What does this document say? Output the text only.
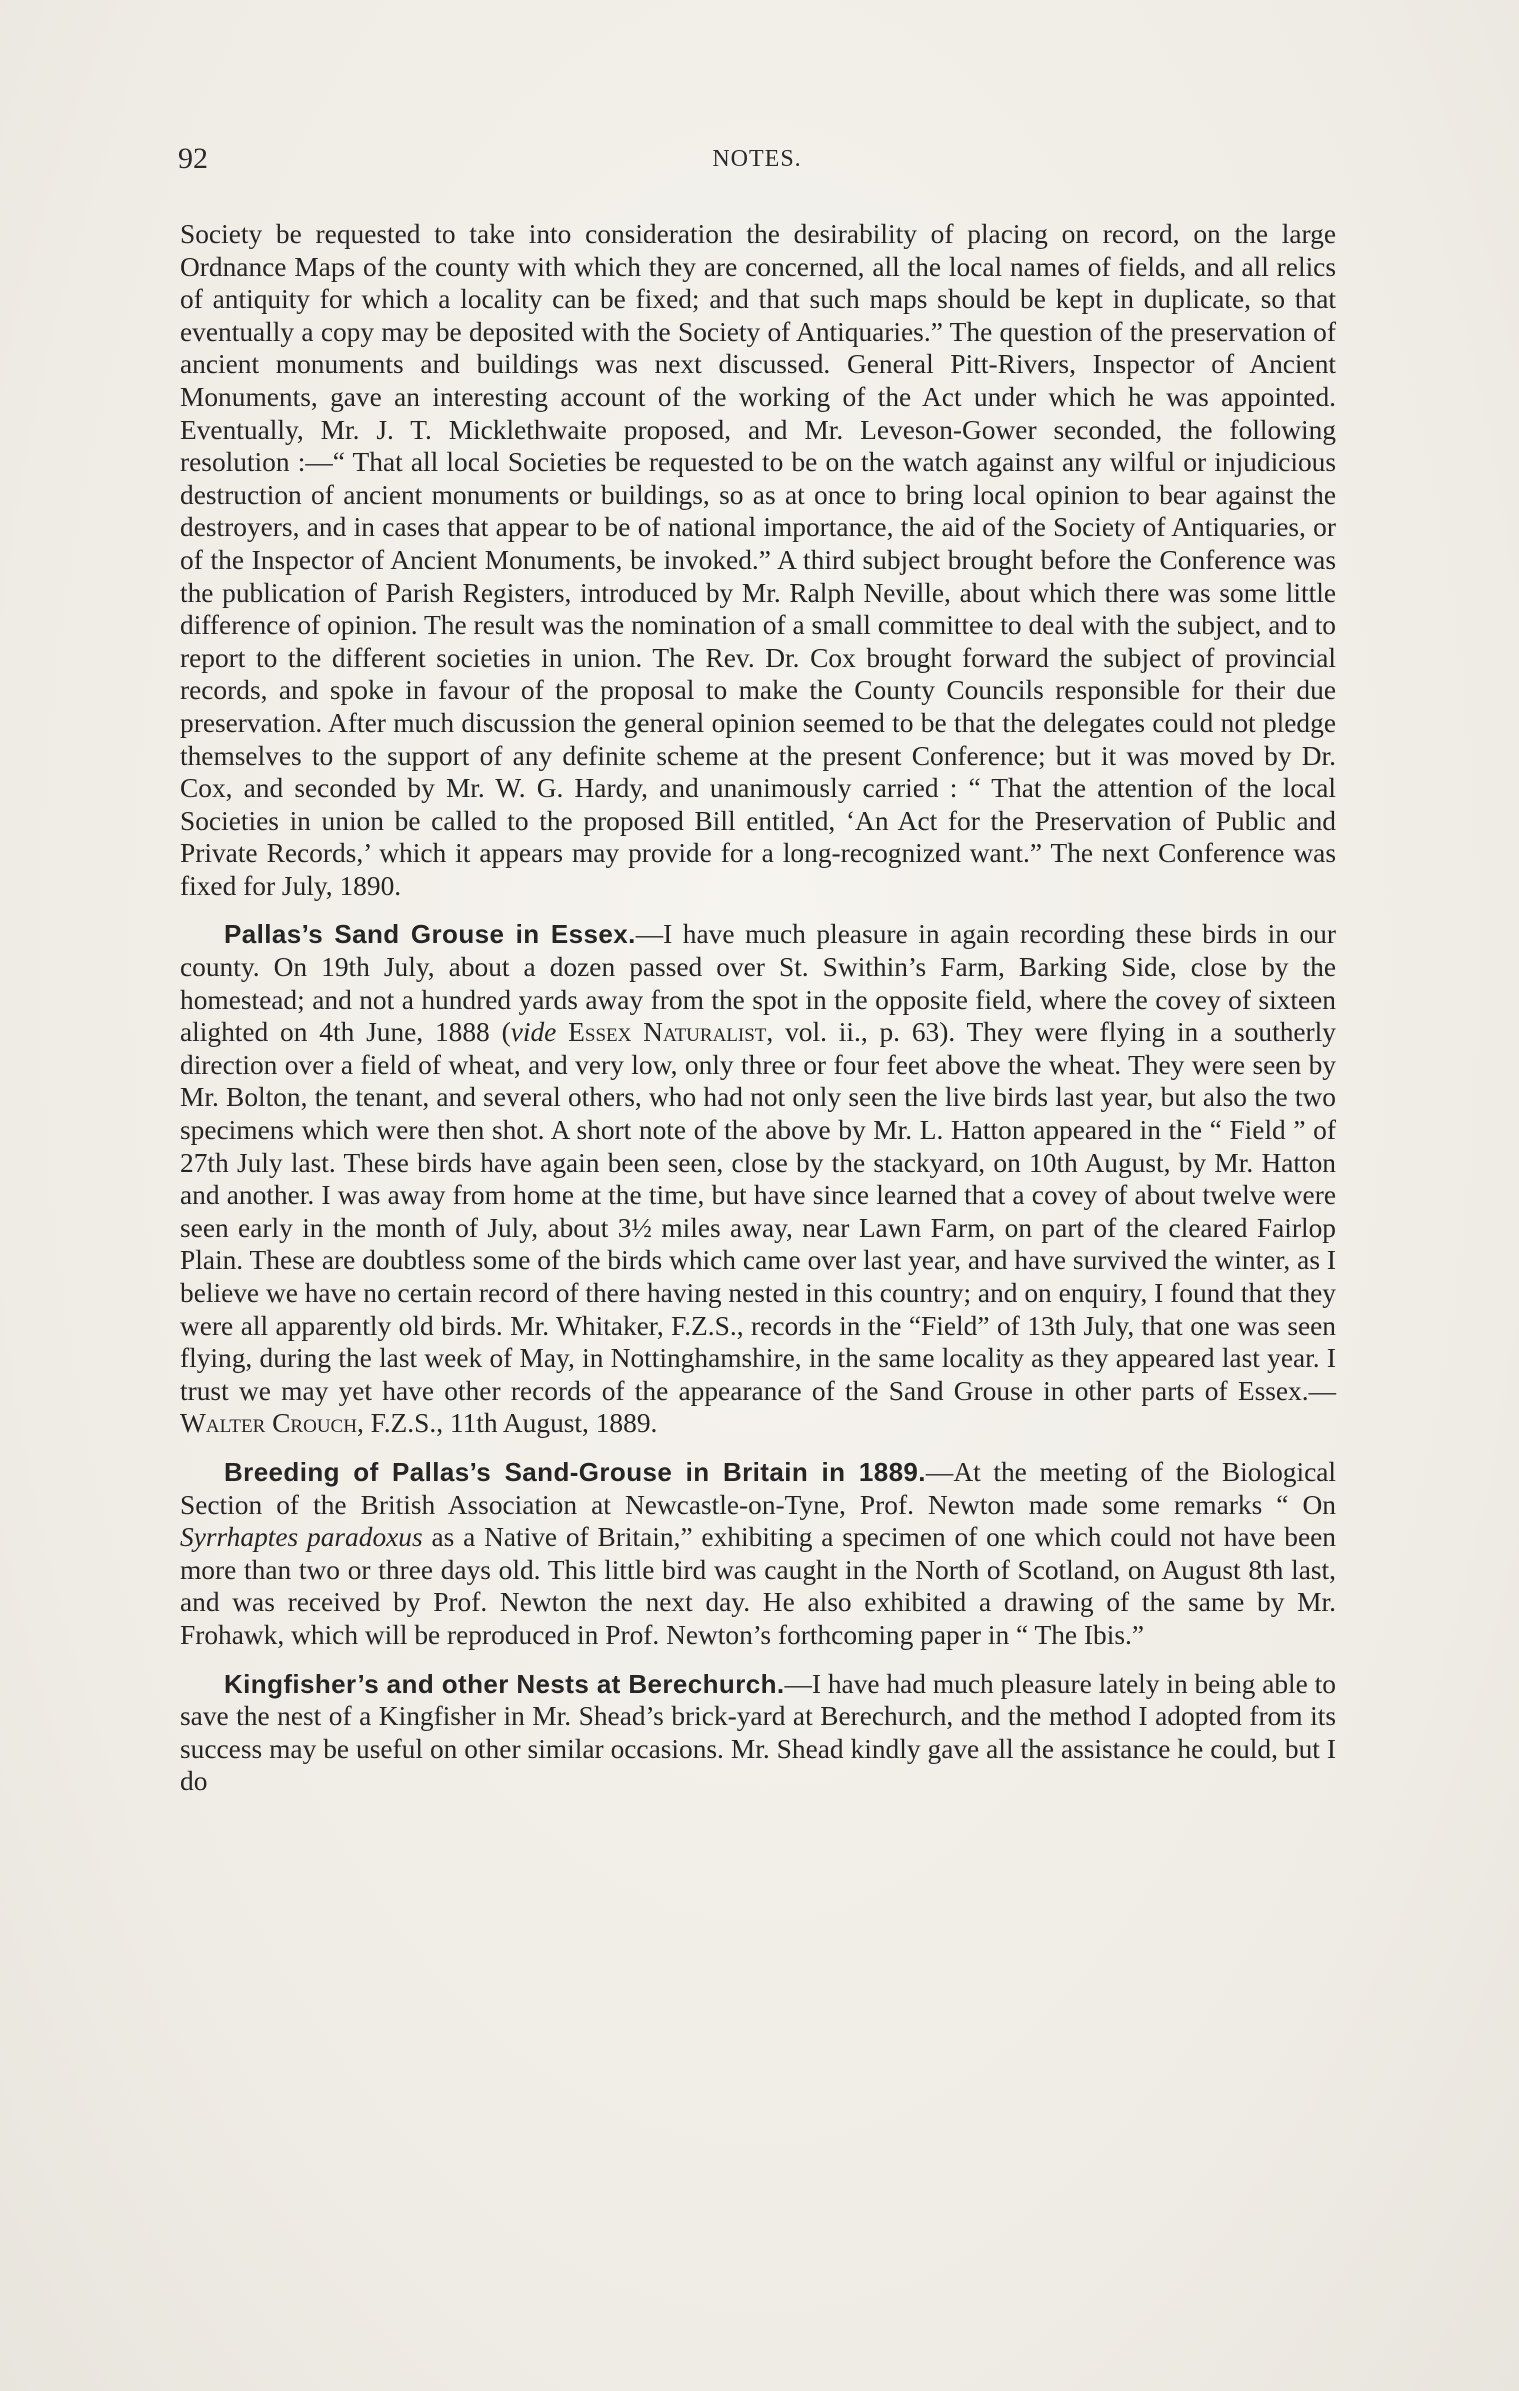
92	NOTES.

Society be requested to take into consideration the desirability of placing on record, on the large Ordnance Maps of the county with which they are concerned, all the local names of fields, and all relics of antiquity for which a locality can be fixed; and that such maps should be kept in duplicate, so that eventually a copy may be deposited with the Society of Antiquaries.” The question of the preservation of ancient monuments and buildings was next discussed. General Pitt-Rivers, Inspector of Ancient Monuments, gave an interesting account of the working of the Act under which he was appointed. Eventually, Mr. J. T. Micklethwaite proposed, and Mr. Leveson-Gower seconded, the following resolution :—“ That all local Societies be requested to be on the watch against any wilful or injudicious destruction of ancient monuments or buildings, so as at once to bring local opinion to bear against the destroyers, and in cases that appear to be of national importance, the aid of the Society of Antiquaries, or of the Inspector of Ancient Monuments, be invoked.” A third subject brought before the Conference was the publication of Parish Registers, introduced by Mr. Ralph Neville, about which there was some little difference of opinion. The result was the nomination of a small committee to deal with the subject, and to report to the different societies in union. The Rev. Dr. Cox brought forward the subject of provincial records, and spoke in favour of the proposal to make the County Councils responsible for their due preservation. After much discussion the general opinion seemed to be that the delegates could not pledge themselves to the support of any definite scheme at the present Conference; but it was moved by Dr. Cox, and seconded by Mr. W. G. Hardy, and unanimously carried : “ That the attention of the local Societies in union be called to the proposed Bill entitled, ‘An Act for the Preservation of Public and Private Records,’ which it appears may provide for a long-recognized want.” The next Conference was fixed for July, 1890.

Pallas’s Sand Grouse in Essex.—I have much pleasure in again recording these birds in our county. On 19th July, about a dozen passed over St. Swithin’s Farm, Barking Side, close by the homestead; and not a hundred yards away from the spot in the opposite field, where the covey of sixteen alighted on 4th June, 1888 (vide Essex Naturalist, vol. ii., p. 63). They were flying in a southerly direction over a field of wheat, and very low, only three or four feet above the wheat. They were seen by Mr. Bolton, the tenant, and several others, who had not only seen the live birds last year, but also the two specimens which were then shot. A short note of the above by Mr. L. Hatton appeared in the “ Field ” of 27th July last. These birds have again been seen, close by the stackyard, on 10th August, by Mr. Hatton and another. I was away from home at the time, but have since learned that a covey of about twelve were seen early in the month of July, about 3½ miles away, near Lawn Farm, on part of the cleared Fairlop Plain. These are doubtless some of the birds which came over last year, and have survived the winter, as I believe we have no certain record of there having nested in this country; and on enquiry, I found that they were all apparently old birds. Mr. Whitaker, F.Z.S., records in the “Field” of 13th July, that one was seen flying, during the last week of May, in Nottinghamshire, in the same locality as they appeared last year. I trust we may yet have other records of the appearance of the Sand Grouse in other parts of Essex.—Walter Crouch, F.Z.S., 11th August, 1889.

Breeding of Pallas’s Sand-Grouse in Britain in 1889.—At the meeting of the Biological Section of the British Association at Newcastle-on-Tyne, Prof. Newton made some remarks “ On Syrrhaptes paradoxus as a Native of Britain,” exhibiting a specimen of one which could not have been more than two or three days old. This little bird was caught in the North of Scotland, on August 8th last, and was received by Prof. Newton the next day. He also exhibited a drawing of the same by Mr. Frohawk, which will be reproduced in Prof. Newton’s forthcoming paper in “ The Ibis.”

Kingfisher’s and other Nests at Berechurch.—I have had much pleasure lately in being able to save the nest of a Kingfisher in Mr. Shead’s brick-yard at Berechurch, and the method I adopted from its success may be useful on other similar occasions. Mr. Shead kindly gave all the assistance he could, but I do
